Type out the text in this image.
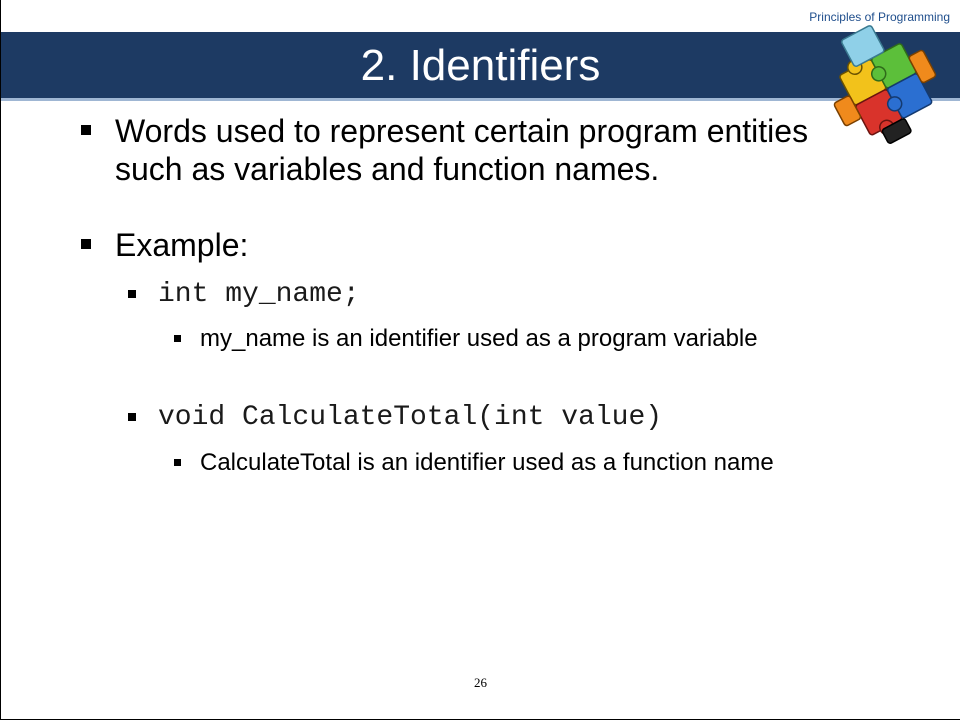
Principles of Programming
2. Identifiers
Words used to represent certain program entities such as variables and function names.
Example:
int my_name;
my_name is an identifier used as a program variable
void CalculateTotal(int value)
CalculateTotal is an identifier used as a function name
26
